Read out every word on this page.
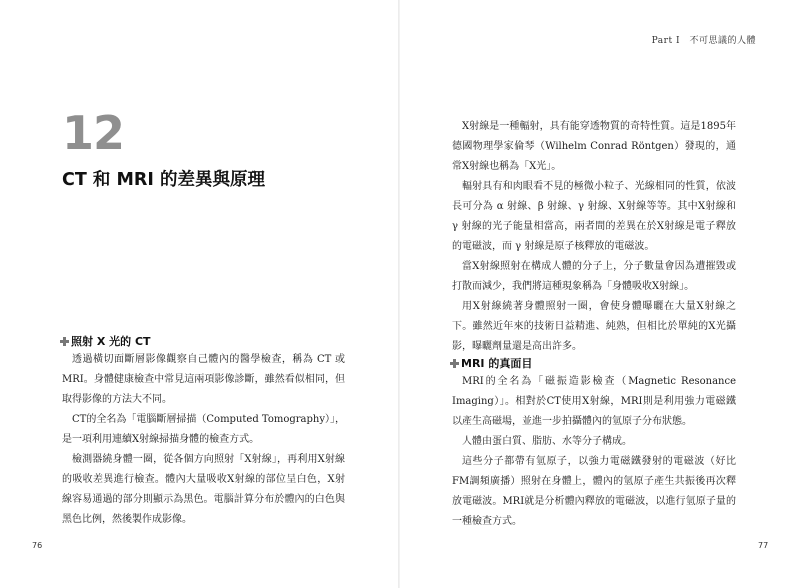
12
CT 和 MRI 的差異與原理
照射 X 光的 CT

透過橫切面斷層影像觀察自己體內的醫學檢查，稱為 CT 或 MRI。身體健康檢查中常見這兩項影像診斷，雖然看似相同，但取得影像的方法大不同。

CT的全名為「電腦斷層掃描（Computed Tomography）」，是一項利用連續X射線掃描身體的檢查方式。

檢測器繞身體一圈，從各個方向照射「X射線」，再利用X射線的吸收差異進行檢查。體內大量吸收X射線的部位呈白色，X射線容易通過的部分則顯示為黑色。電腦計算分布於體內的白色與黑色比例，然後製作成影像。

76
Part I　不可思議的人體

X射線是一種輻射，具有能穿透物質的奇特性質。這是1895年德國物理學家倫琴（Wilhelm Conrad Röntgen）發現的，通常X射線也稱為「X光」。

輻射具有和肉眼看不見的極微小粒子、光線相同的性質，依波長可分為 α 射線、β 射線、γ 射線、X射線等等。其中X射線和 γ 射線的光子能量相當高，兩者間的差異在於X射線是電子釋放的電磁波，而 γ 射線是原子核釋放的電磁波。

當X射線照射在構成人體的分子上，分子數量會因為遭摧毀或打散而減少，我們將這種現象稱為「身體吸收X射線」。

用X射線繞著身體照射一圈，會使身體曝曬在大量X射線之下。雖然近年來的技術日益精進、純熟，但相比於單純的X光攝影，曝曬劑量還是高出許多。

MRI 的真面目

MRI的全名為「磁振造影檢查（Magnetic Resonance Imaging）」。相對於CT使用X射線，MRI則是利用強力電磁鐵以產生高磁場，並進一步拍攝體內的氫原子分布狀態。

人體由蛋白質、脂肪、水等分子構成。

這些分子都帶有氫原子，以強力電磁鐵發射的電磁波（好比FM調頻廣播）照射在身體上，體內的氫原子產生共振後再次釋放電磁波。MRI就是分析體內釋放的電磁波，以進行氫原子量的一種檢查方式。

77
